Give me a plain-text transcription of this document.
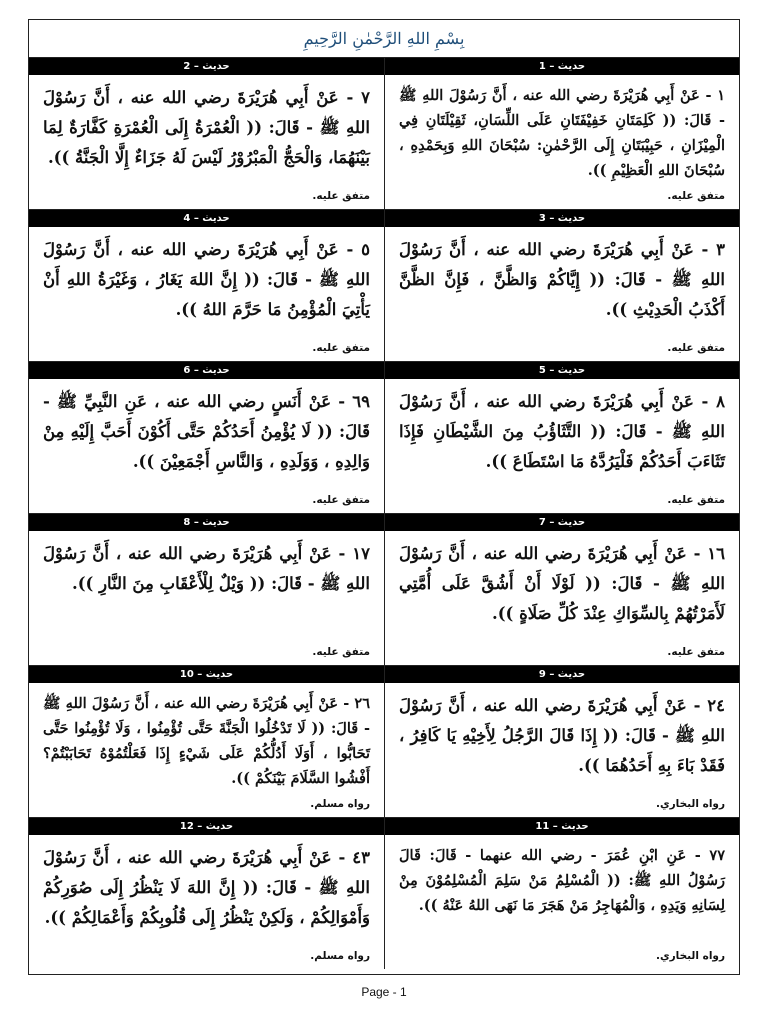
بِسْمِ اللهِ الرَّحْمٰنِ الرَّحِيمِ
حديث – 2
٧ - عَنْ أَبِي هُرَيْرَةَ رضي الله عنه ، أَنَّ رَسُوْلَ اللهِ ﷺ - قَالَ: (( الْعُمْرَةُ إِلَى الْعُمْرَةِ كَفَّارَةٌ لِمَا بَيْنَهُمَا، وَالْحَجُّ الْمَبْرُوْرُ لَيْسَ لَهُ جَزَاءٌ إِلَّا الْجَنَّةُ )).
متفق عليه.
حديث – 1
١ - عَنْ أَبِي هُرَيْرَةَ رضي الله عنه ، أَنَّ رَسُوْلَ اللهِ ﷺ - قَالَ: (( كَلِمَتَانِ خَفِيْفَتَانِ عَلَى اللِّسَانِ، ثَقِيْلَتَانِ فِي الْمِيْزَانِ ، حَبِيْبَتَانِ إِلَى الرَّحْمٰنِ: سُبْحَانَ اللهِ وَبِحَمْدِهِ ، سُبْحَانَ اللهِ الْعَظِيْمِ )).
متفق عليه.
حديث – 4
٥ - عَنْ أَبِي هُرَيْرَةَ رضي الله عنه ، أَنَّ رَسُوْلَ اللهِ ﷺ - قَالَ: (( إِنَّ اللهَ يَغَارُ ، وَغَيْرَةُ اللهِ أَنْ يَأْتِيَ الْمُؤْمِنُ مَا حَرَّمَ اللهُ )).
متفق عليه.
حديث – 3
٣ - عَنْ أَبِي هُرَيْرَةَ رضي الله عنه ، أَنَّ رَسُوْلَ اللهِ ﷺ - قَالَ: (( إِيَّاكُمْ وَالظَّنَّ ، فَإِنَّ الظَّنَّ أَكْذَبُ الْحَدِيْثِ )).
متفق عليه.
حديث – 6
٦٩ - عَنْ أَنَسٍ رضي الله عنه ، عَنِ النَّبِيِّ ﷺ - قَالَ: (( لَا يُؤْمِنُ أَحَدُكُمْ حَتَّى أَكُوْنَ أَحَبَّ إِلَيْهِ مِنْ وَالِدِهِ ، وَوَلَدِهِ ، وَالنَّاسِ أَجْمَعِيْنَ )).
متفق عليه.
حديث – 5
٨ - عَنْ أَبِي هُرَيْرَةَ رضي الله عنه ، أَنَّ رَسُوْلَ اللهِ ﷺ - قَالَ: (( التَّثَاؤُبُ مِنَ الشَّيْطَانِ فَإِذَا تَثَاءَبَ أَحَدُكُمْ فَلْيَرُدَّهُ مَا اسْتَطَاعَ )).
متفق عليه.
حديث – 8
١٧ - عَنْ أَبِي هُرَيْرَةَ رضي الله عنه ، أَنَّ رَسُوْلَ اللهِ ﷺ - قَالَ: (( وَيْلٌ لِلْأَعْقَابِ مِنَ النَّارِ )).
متفق عليه.
حديث – 7
١٦ - عَنْ أَبِي هُرَيْرَةَ رضي الله عنه ، أَنَّ رَسُوْلَ اللهِ ﷺ - قَالَ: (( لَوْلَا أَنْ أَشُقَّ عَلَى أُمَّتِي لَأَمَرْتُهُمْ بِالسِّوَاكِ عِنْدَ كُلِّ صَلَاةٍ )).
متفق عليه.
حديث – 10
٢٦ - عَنْ أَبِي هُرَيْرَةَ رضي الله عنه ، أَنَّ رَسُوْلَ اللهِ ﷺ - قَالَ: (( لَا تَدْخُلُوا الْجَنَّةَ حَتَّى تُؤْمِنُوا ، وَلَا تُؤْمِنُوا حَتَّى تَحَابُّوا ، أَوَلَا أَدُلُّكُمْ عَلَى شَيْءٍ إِذَا فَعَلْتُمُوْهُ تَحَابَبْتُمْ؟ أَفْشُوا السَّلَامَ بَيْنَكُمْ )).
رواه مسلم.
حديث – 9
٢٤ - عَنْ أَبِي هُرَيْرَةَ رضي الله عنه ، أَنَّ رَسُوْلَ اللهِ ﷺ - قَالَ: (( إِذَا قَالَ الرَّجُلُ لِأَخِيْهِ يَا كَافِرُ ، فَقَدْ بَاءَ بِهِ أَحَدُهُمَا )).
رواه البخاري.
حديث – 12
٤٣ - عَنْ أَبِي هُرَيْرَةَ رضي الله عنه ، أَنَّ رَسُوْلَ اللهِ ﷺ - قَالَ: (( إِنَّ اللهَ لَا يَنْظُرُ إِلَى صُوَرِكُمْ وَأَمْوَالِكُمْ ، وَلَكِنْ يَنْظُرُ إِلَى قُلُوبِكُمْ وَأَعْمَالِكُمْ )).
رواه مسلم.
حديث – 11
٧٧ - عَنِ ابْنِ عُمَرَ - رضي الله عنهما - قَالَ: قَالَ رَسُوْلُ اللهِ ﷺ: (( الْمُسْلِمُ مَنْ سَلِمَ الْمُسْلِمُوْنَ مِنْ لِسَانِهِ وَيَدِهِ ، وَالْمُهَاجِرُ مَنْ هَجَرَ مَا نَهَى اللهُ عَنْهُ )).
رواه البخاري.
Page - 1
